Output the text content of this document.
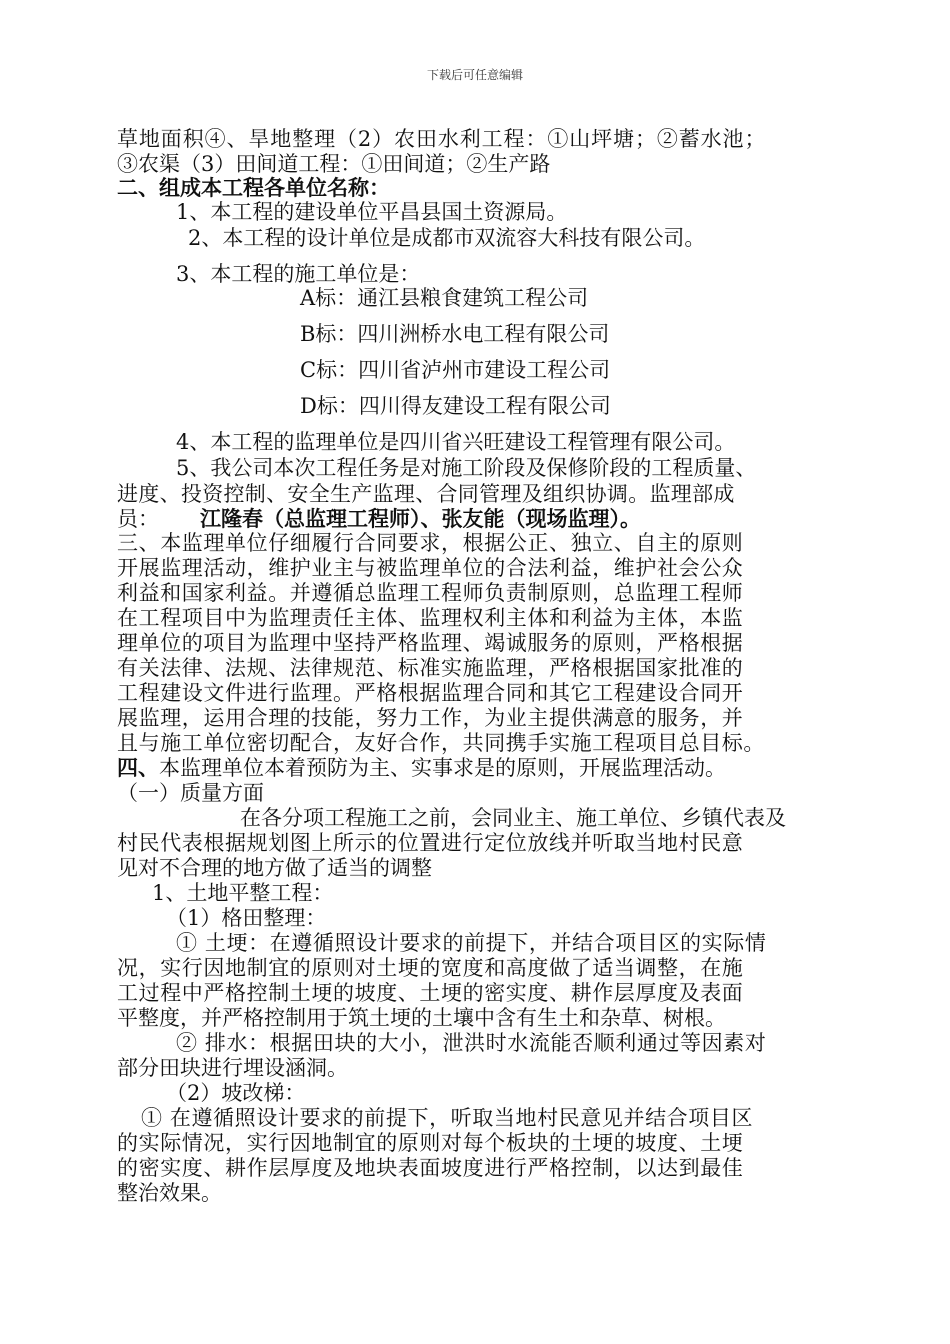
下载后可任意编辑
草地面积④、旱地整理（2）农田水利工程：①山坪塘；②蓄水池；
③农渠（3）田间道工程：①田间道；②生产路
二、组成本工程各单位名称：
1、本工程的建设单位平昌县国土资源局。
2、本工程的设计单位是成都市双流容大科技有限公司。
3、本工程的施工单位是：
A标：通江县粮食建筑工程公司
B标：四川洲桥水电工程有限公司
C标：四川省泸州市建设工程公司
D标：四川得友建设工程有限公司
4、本工程的监理单位是四川省兴旺建设工程管理有限公司。
5、我公司本次工程任务是对施工阶段及保修阶段的工程质量、
进度、投资控制、安全生产监理、合同管理及组织协调。监理部成
员： 江隆春（总监理工程师）、张友能（现场监理）。
三、本监理单位仔细履行合同要求，根据公正、独立、自主的原则
开展监理活动，维护业主与被监理单位的合法利益，维护社会公众
利益和国家利益。并遵循总监理工程师负责制原则，总监理工程师
在工程项目中为监理责任主体、监理权利主体和利益为主体，本监
理单位的项目为监理中坚持严格监理、竭诚服务的原则，严格根据
有关法律、法规、法律规范、标准实施监理，严格根据国家批准的
工程建设文件进行监理。严格根据监理合同和其它工程建设合同开
展监理，运用合理的技能，努力工作，为业主提供满意的服务，并
且与施工单位密切配合，友好合作，共同携手实施工程项目总目标。
四、 本监理单位本着预防为主、实事求是的原则，开展监理活动。
（一）质量方面
在各分项工程施工之前，会同业主、施工单位、乡镇代表及
村民代表根据规划图上所示的位置进行定位放线并听取当地村民意
见对不合理的地方做了适当的调整
1、土地平整工程：
（1）格田整理：
① 土埂：在遵循照设计要求的前提下，并结合项目区的实际情
况，实行因地制宜的原则对土埂的宽度和高度做了适当调整，在施
工过程中严格控制土埂的坡度、土埂的密实度、耕作层厚度及表面
平整度，并严格控制用于筑土埂的土壤中含有生土和杂草、树根。
② 排水：根据田块的大小，泄洪时水流能否顺利通过等因素对
部分田块进行埋设涵洞。
（2）坡改梯：
① 在遵循照设计要求的前提下，听取当地村民意见并结合项目区
的实际情况，实行因地制宜的原则对每个板块的土埂的坡度、土埂
的密实度、耕作层厚度及地块表面坡度进行严格控制，以达到最佳
整治效果。
